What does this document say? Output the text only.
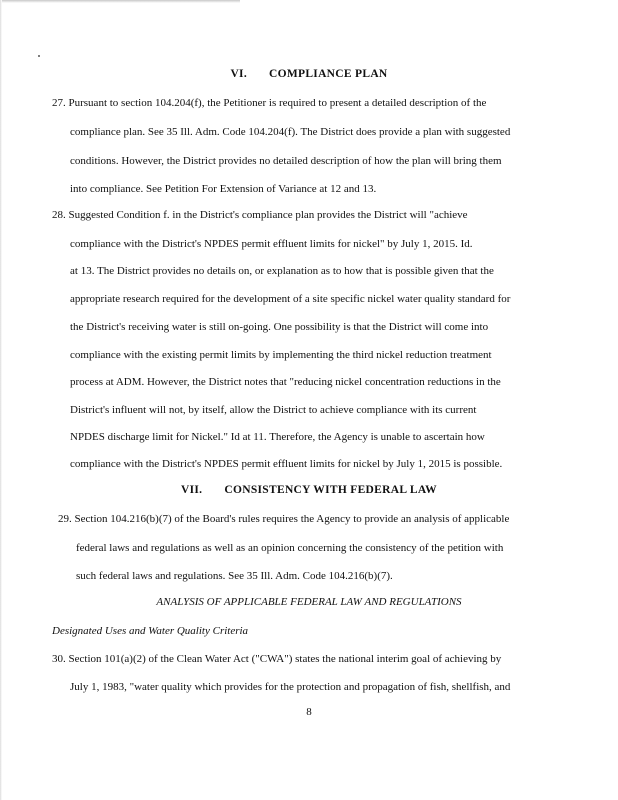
VI. COMPLIANCE PLAN
27. Pursuant to section 104.204(f), the Petitioner is required to present a detailed description of the
compliance plan. See 35 Ill. Adm. Code 104.204(f). The District does provide a plan with suggested
conditions. However, the District provides no detailed description of how the plan will bring them
into compliance. See Petition For Extension of Variance at 12 and 13.
28. Suggested Condition f. in the District's compliance plan provides the District will "achieve
compliance with the District's NPDES permit effluent limits for nickel" by July 1, 2015. Id.
at 13. The District provides no details on, or explanation as to how that is possible given that the
appropriate research required for the development of a site specific nickel water quality standard for
the District's receiving water is still on-going. One possibility is that the District will come into
compliance with the existing permit limits by implementing the third nickel reduction treatment
process at ADM. However, the District notes that "reducing nickel concentration reductions in the
District's influent will not, by itself, allow the District to achieve compliance with its current
NPDES discharge limit for Nickel." Id at 11. Therefore, the Agency is unable to ascertain how
compliance with the District's NPDES permit effluent limits for nickel by July 1, 2015 is possible.
VII. CONSISTENCY WITH FEDERAL LAW
29. Section 104.216(b)(7) of the Board's rules requires the Agency to provide an analysis of applicable
federal laws and regulations as well as an opinion concerning the consistency of the petition with
such federal laws and regulations. See 35 Ill. Adm. Code 104.216(b)(7).
ANALYSIS OF APPLICABLE FEDERAL LAW AND REGULATIONS
Designated Uses and Water Quality Criteria
30. Section 101(a)(2) of the Clean Water Act ("CWA") states the national interim goal of achieving by
July 1, 1983, "water quality which provides for the protection and propagation of fish, shellfish, and
8
